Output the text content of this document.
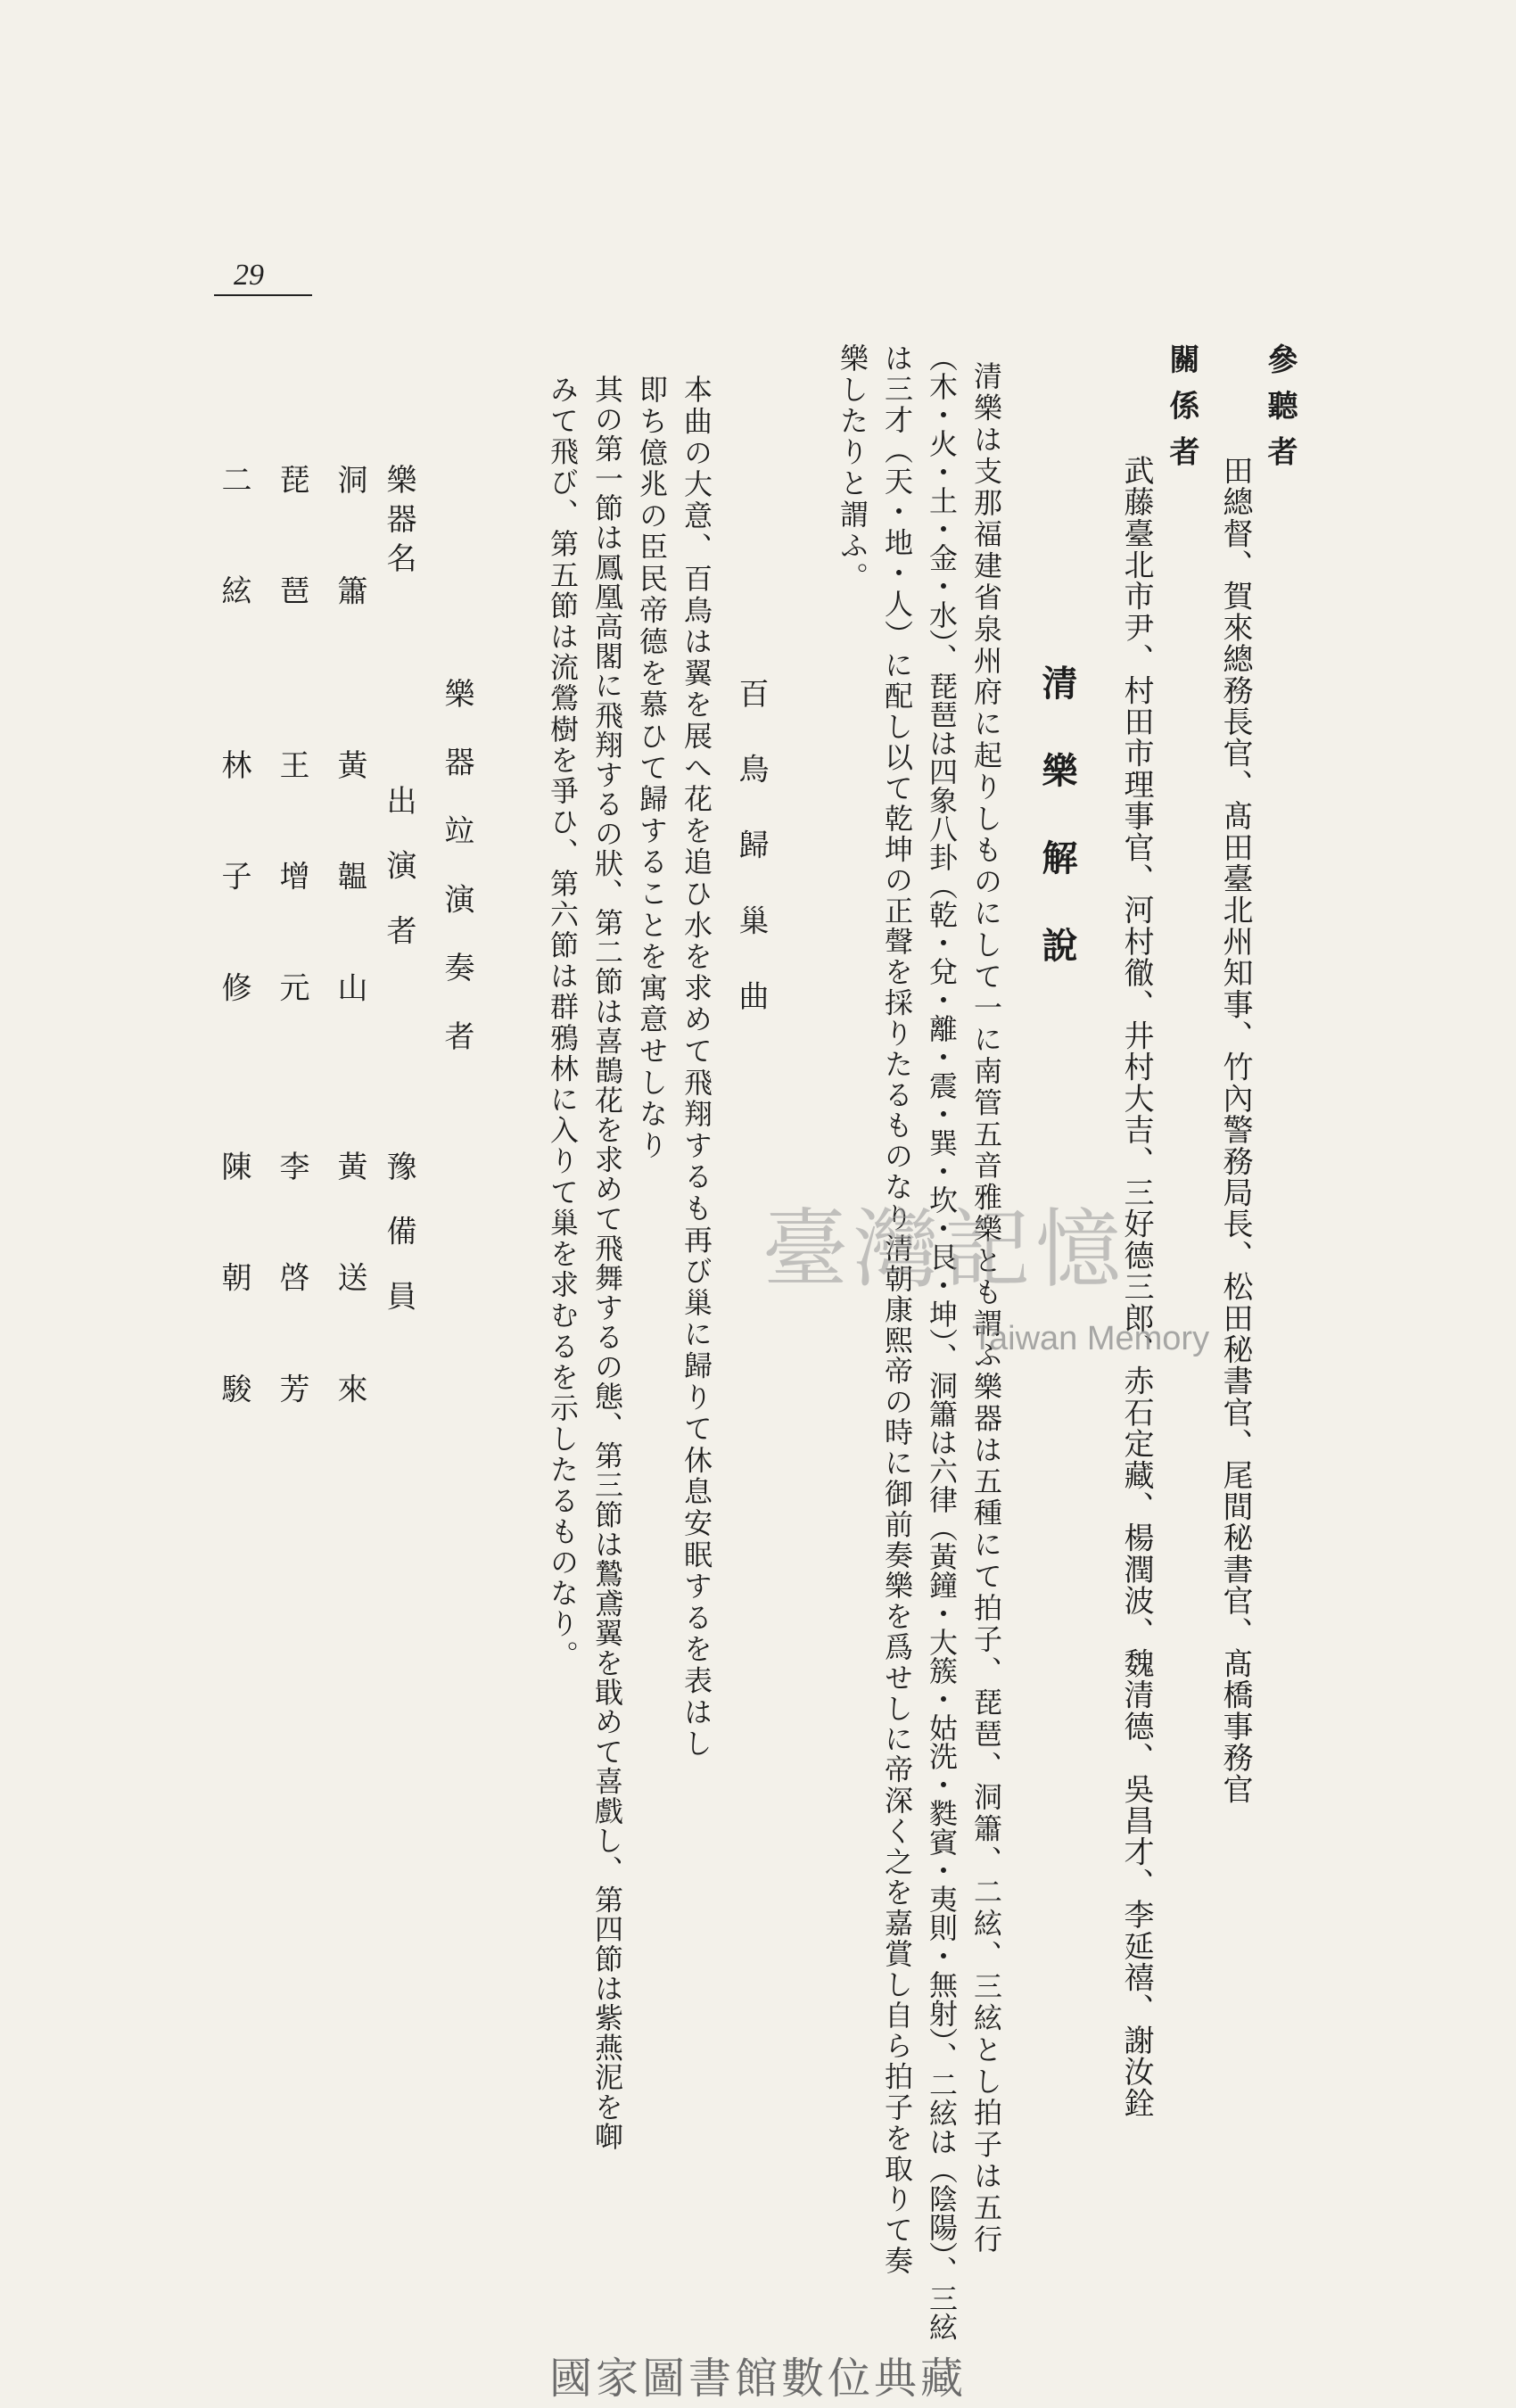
29
參 聽 者
田總督、賀來總務長官、髙田臺北州知事、竹內警務局長、松田秘書官、尾間秘書官、髙橋事務官
關 係 者
武藤臺北市尹、村田市理事官、河村徹、井村大吉、三好德三郎、赤石定藏、楊潤波、魏清德、吳昌才、李延禧、謝汝銓
清 樂 解 說
清樂は支那福建省泉州府に起りしものにして一に南管五音雅樂とも謂ふ樂器は五種にて拍子、琵琶、洞簫、二絃、三絃とし拍子は五行
（木・火・土・金・水）、琵琶は四象八卦（乾・兌・離・震・巽・坎・艮・坤）、洞簫は六律（黃鐘・大簇・姑洗・㽔賓・夷則・無射）、二絃は（陰陽）、三絃
は三才（天・地・人）に配し以て乾坤の正聲を採りたるものなり清朝康熙帝の時に御前奏樂を爲せしに帝深く之を嘉賞し自ら拍子を取りて奏
樂したりと謂ふ。
百 鳥 歸 巢 曲
本曲の大意、百鳥は翼を展へ花を追ひ水を求めて飛翔するも再び巢に歸りて休息安眠するを表はし
即ち億兆の臣民帝德を慕ひて歸することを寓意せしなり
其の第一節は鳳凰高閣に飛翔するの狀、第二節は喜鵲花を求めて飛舞するの態、第三節は鷙鳶翼を戢めて喜戲し、第四節は紫燕泥を啣
みて飛び、第五節は流鶯樹を爭ひ、第六節は群鴉林に入りて巢を求むるを示したるものなり。
樂 器 竝 演 奏 者
樂器名
出 演 者
豫 備 員
洞 簫
黃 韞 山
黃 送 來
琵 琶
王 增 元
李 啓 芳
二 絃
林 子 修
陳 朝 駿	臺灣記憶
Taiwan Memory
國家圖書館數位典藏
